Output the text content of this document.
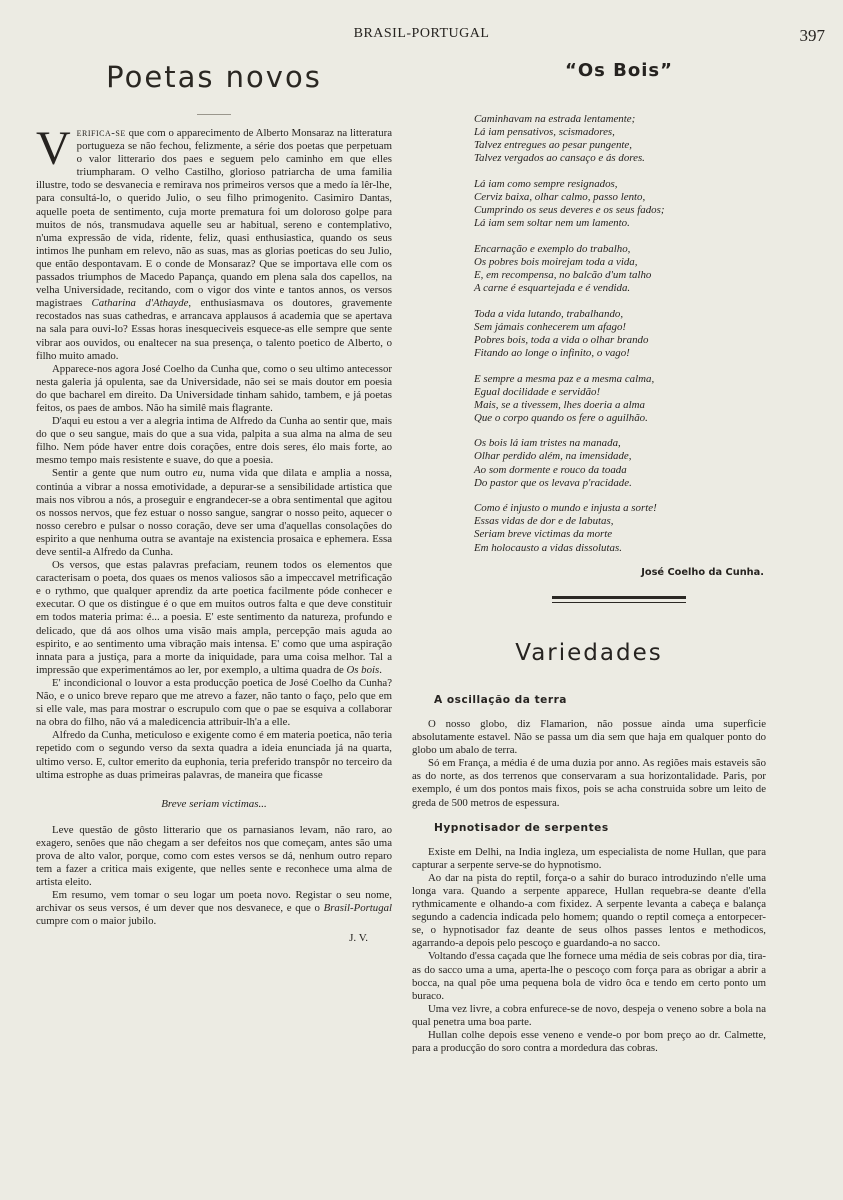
BRASIL-PORTUGAL	397
Poetas novos

Verifica-se que com o apparecimento de Alberto Monsaraz na litteratura portugueza se não fechou, felizmente, a série dos poetas que perpetuam o valor litterario dos paes e seguem pelo caminho em que elles triumpharam. O velho Castilho, glorioso patriarcha de uma familia illustre, todo se desvanecia e remirava nos primeiros versos que a medo ía lêr-lhe, para consultá-lo, o querido Julio, o seu filho primogenito. Casimiro Dantas, aquelle poeta de sentimento, cuja morte prematura foi um doloroso golpe para muitos de nós, transmudava aquelle seu ar habitual, sereno e contemplativo, n'uma expressão de vida, ridente, feliz, quasi enthusiastica, quando os seus intimos lhe punham em relevo, não as suas, mas as glorias poeticas do seu Julio, que então despontavam. E o conde de Monsaraz? Que se importava elle com os passados triumphos de Macedo Papança, quando em plena sala dos capellos, na velha Universidade, recitando, com o vigor dos vinte e tantos annos, os versos magistraes Catharina d'Athayde, enthusiasmava os doutores, gravemente recostados nas suas cathedras, e arrancava applausos á academia que se apertava na sala para ouvi-lo? Essas horas inesqueciveis esquece-as elle sempre que sente vibrar aos ouvidos, ou enaltecer na sua presença, o talento poetico de Alberto, o filho muito amado.

Apparece-nos agora José Coelho da Cunha que, como o seu ultimo antecessor nesta galeria já opulenta, sae da Universidade, não sei se mais doutor em poesia do que bacharel em direito. Da Universidade tinham sahido, tambem, e já poetas feitos, os paes de ambos. Não ha similê mais flagrante.

D'aqui eu estou a ver a alegria intima de Alfredo da Cunha ao sentir que, mais do que o seu sangue, mais do que a sua vida, palpita a sua alma na alma de seu filho. Nem póde haver entre dois corações, entre dois seres, élo mais forte, ao mesmo tempo mais resistente e suave, do que a poesia.

Sentir a gente que num outro eu, numa vida que dilata e amplia a nossa, continúa a vibrar a nossa emotividade, a depurar-se a sensibilidade artistica que mais nos vibrou a nós, a proseguir e engrandecer-se a obra sentimental que agitou os nossos nervos, que fez estuar o nosso sangue, sangrar o nosso peito, aquecer o nosso cerebro e pulsar o nosso coração, deve ser uma d'aquellas consolações do espirito a que nenhuma outra se avantaje na existencia prosaica e ephemera. Essa deve sentil-a Alfredo da Cunha.

Os versos, que estas palavras prefaciam, reunem todos os elementos que caracterisam o poeta, dos quaes os menos valiosos são a impeccavel metrificação e o rythmo, que qualquer aprendiz da arte poetica facilmente póde conhecer e executar. O que os distingue é o que em muitos outros falta e que deve constituir em todos materia prima: é... a poesia. E' este sentimento da natureza, profundo e delicado, que dá aos olhos uma visão mais ampla, percepção mais aguda ao espirito, e ao sentimento uma vibração mais intensa. E' como que uma aspiração innata para a justiça, para a morte da iniquidade, para uma coisa melhor. Tal a impressão que experimentámos ao ler, por exemplo, a ultima quadra de Os bois.

E' incondicional o louvor a esta producção poetica de José Coelho da Cunha? Não, e o unico breve reparo que me atrevo a fazer, não tanto o faço, pelo que em si elle vale, mas para mostrar o escrupulo com que o pae se esquiva a collaborar na obra do filho, não vá a maledicencia attribuir-lh'a a elle.

Alfredo da Cunha, meticuloso e exigente como é em materia poetica, não teria repetido com o segundo verso da sexta quadra a ideia enunciada já na quarta, ultimo verso. E, cultor emerito da euphonia, teria preferido transpôr no terceiro da ultima estrophe as duas primeiras palavras, de maneira que ficasse

Breve seriam victimas...

Leve questão de gôsto litterario que os parnasianos levam, não raro, ao exagero, senões que não chegam a ser defeitos nos que começam, antes são uma prova de alto valor, porque, como com estes versos se dá, nenhum outro reparo tem a fazer a critica mais exigente, que nelles sente e reconhece uma alma de artista eleito.

Em resumo, vem tomar o seu logar um poeta novo. Registar o seu nome, archivar os seus versos, é um dever que nos desvanece, e que o Brasil-Portugal cumpre com o maior jubilo.

J. V.
“Os Bois”
Caminhavam na estrada lentamente;
Lá iam pensativos, scismadores,
Talvez entregues ao pesar pungente,
Talvez vergados ao cansaço e ás dores.
Lá iam como sempre resignados,
Cerviz baixa, olhar calmo, passo lento,
Cumprindo os seus deveres e os seus fados;
Lá iam sem soltar nem um lamento.
Encarnação e exemplo do trabalho,
Os pobres bois moirejam toda a vida,
E, em recompensa, no balcão d'um talho
A carne é esquartejada e é vendida.
Toda a vida lutando, trabalhando,
Sem jámais conhecerem um afago!
Pobres bois, toda a vida o olhar brando
Fitando ao longe o infinito, o vago!
E sempre a mesma paz e a mesma calma,
Egual docilidade e servidão!
Mais, se a tivessem, lhes doeria a alma
Que o corpo quando os fere o aguilhão.
Os bois lá iam tristes na manada,
Olhar perdido além, na imensidade,
Ao som dormente e rouco da toada
Do pastor que os levava p'racidade.
Como é injusto o mundo e injusta a sorte!
Essas vidas de dor e de labutas,
Seriam breve victimas da morte
Em holocausto a vidas dissolutas.
José Coelho da Cunha.
Variedades
A oscillação da terra

O nosso globo, diz Flamarion, não possue ainda uma superficie absolutamente estavel. Não se passa um dia sem que haja em qualquer ponto do globo um abalo de terra.

Só em França, a média é de uma duzia por anno. As regiões mais estaveis são as do norte, as dos terrenos que conservaram a sua horizontalidade. Paris, por exemplo, é um dos pontos mais fixos, pois se acha construida sobre um leito de greda de 500 metros de espessura.

Hypnotisador de serpentes

Existe em Delhi, na India ingleza, um especialista de nome Hullan, que para capturar a serpente serve-se do hypnotismo.

Ao dar na pista do reptil, força-o a sahir do buraco introduzindo n'elle uma longa vara. Quando a serpente apparece, Hullan requebra-se deante d'ella rythmicamente e olhando-a com fixidez. A serpente levanta a cabeça e balança segundo a cadencia indicada pelo homem; quando o reptil começa a entorpecer-se, o hypnotisador faz deante de seus olhos passes lentos e methodicos, agarrando-a depois pelo pescoço e guardando-a no sacco.

Voltando d'essa caçada que lhe fornece uma média de seis cobras por dia, tira-as do sacco uma a uma, aperta-lhe o pescoço com força para as obrigar a abrir a bocca, na qual põe uma pequena bola de vidro ôca e tendo em certo ponto um buraco.

Uma vez livre, a cobra enfurece-se de novo, despeja o veneno sobre a bola na qual penetra uma boa parte.

Hullan colhe depois esse veneno e vende-o por bom preço ao dr. Calmette, para a producção do soro contra a mordedura das cobras.
